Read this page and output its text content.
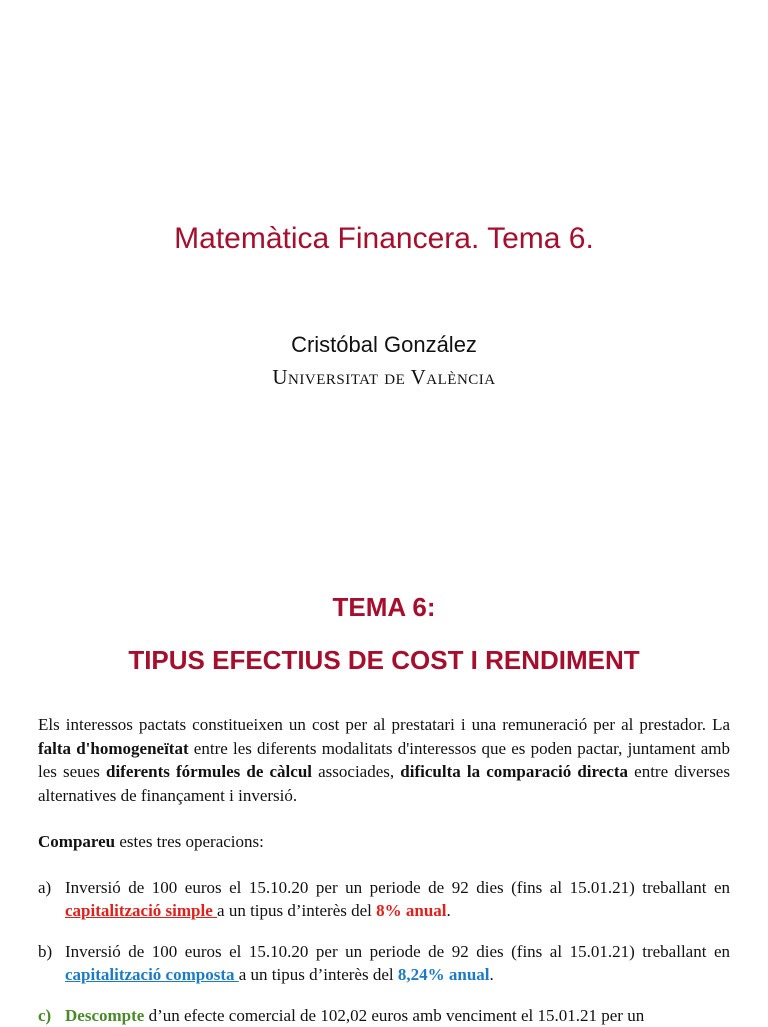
Matemàtica Financera. Tema 6.
Cristóbal González
Universitat de València
TEMA 6:
TIPUS EFECTIUS DE COST I RENDIMENT

Els interessos pactats constitueixen un cost per al prestatari i una remuneració per al prestador. La falta d'homogeneïtat entre les diferents modalitats d'interessos que es poden pactar, juntament amb les seues diferents fórmules de càlcul associades, dificulta la comparació directa entre diverses alternatives de finançament i inversió.

Compareu estes tres operacions:

a) Inversió de 100 euros el 15.10.20 per un periode de 92 dies (fins al 15.01.21) treballant en capitalització simple a un tipus d’interès del 8% anual.
b) Inversió de 100 euros el 15.10.20 per un periode de 92 dies (fins al 15.01.21) treballant en capitalització composta a un tipus d’interès del 8,24% anual.
c) Descompte d’un efecte comercial de 102,02 euros amb venciment el 15.01.21 per un
